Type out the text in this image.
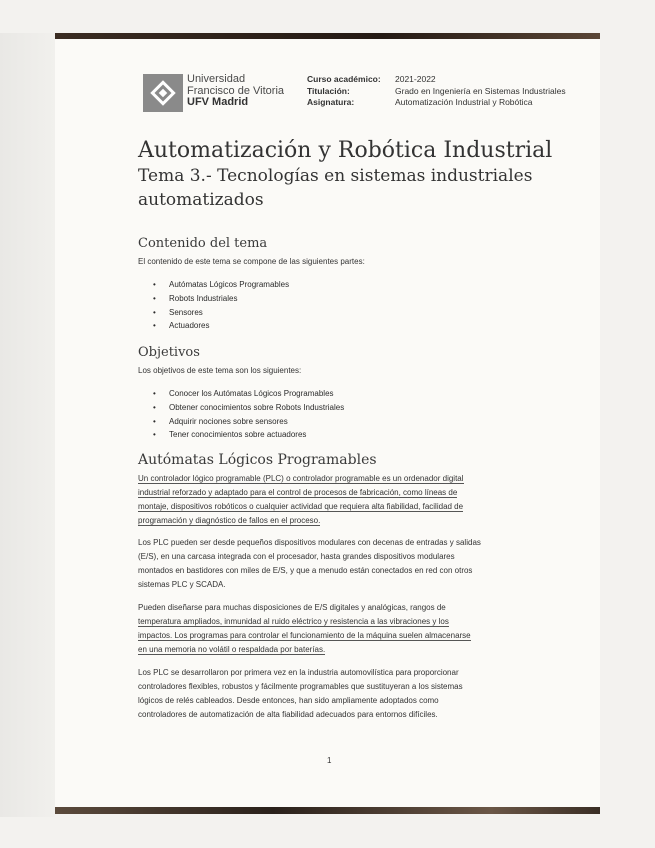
Universidad
Francisco de Vitoria
UFV Madrid
Curso académico: 2021-2022
Titulación:	Grado en Ingeniería en Sistemas Industriales
Asignatura:	Automatización Industrial y Robótica
Automatización y Robótica Industrial
Tema 3.- Tecnologías en sistemas industriales automatizados
Contenido del tema
El contenido de este tema se compone de las siguientes partes:
• Autómatas Lógicos Programables
• Robots Industriales
• Sensores
• Actuadores
Objetivos
Los objetivos de este tema son los siguientes:
• Conocer los Autómatas Lógicos Programables
• Obtener conocimientos sobre Robots Industriales
• Adquirir nociones sobre sensores
• Tener conocimientos sobre actuadores
Autómatas Lógicos Programables
Un controlador lógico programable (PLC) o controlador programable es un ordenador digital
industrial reforzado y adaptado para el control de procesos de fabricación, como líneas de
montaje, dispositivos robóticos o cualquier actividad que requiera alta fiabilidad, facilidad de
programación y diagnóstico de fallos en el proceso.
Los PLC pueden ser desde pequeños dispositivos modulares con decenas de entradas y salidas
(E/S), en una carcasa integrada con el procesador, hasta grandes dispositivos modulares
montados en bastidores con miles de E/S, y que a menudo están conectados en red con otros
sistemas PLC y SCADA.
Pueden diseñarse para muchas disposiciones de E/S digitales y analógicas, rangos de
temperatura ampliados, inmunidad al ruido eléctrico y resistencia a las vibraciones y los
impactos. Los programas para controlar el funcionamiento de la máquina suelen almacenarse
en una memoria no volátil o respaldada por baterías.
Los PLC se desarrollaron por primera vez en la industria automovilística para proporcionar
controladores flexibles, robustos y fácilmente programables que sustituyeran a los sistemas
lógicos de relés cableados. Desde entonces, han sido ampliamente adoptados como
controladores de automatización de alta fiabilidad adecuados para entornos difíciles.
1
